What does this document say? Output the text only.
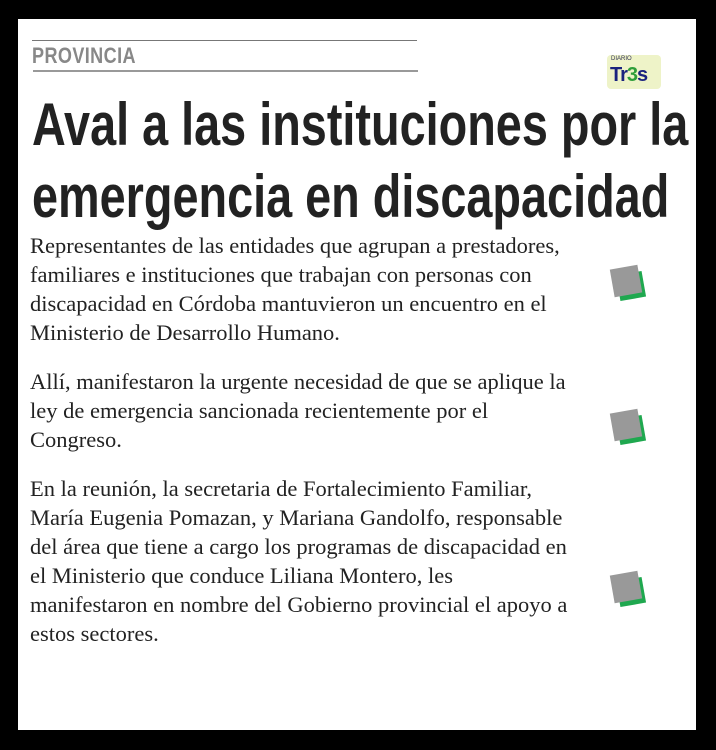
PROVINCIA	DIARIO
Tr3s
Aval a las instituciones por la
emergencia en discapacidad
Representantes de las entidades que agrupan a prestadores, familiares e instituciones que trabajan con personas con discapacidad en Córdoba mantuvieron un encuentro en el Ministerio de Desarrollo Humano.
Allí, manifestaron la urgente necesidad de que se aplique la ley de emergencia sancionada recientemente por el Congreso.
En la reunión, la secretaria de Fortalecimiento Familiar, María Eugenia Pomazan, y Mariana Gandolfo, responsable del área que tiene a cargo los programas de discapacidad en el Ministerio que conduce Liliana Montero, les manifestaron en nombre del Gobierno provincial el apoyo a estos sectores.
